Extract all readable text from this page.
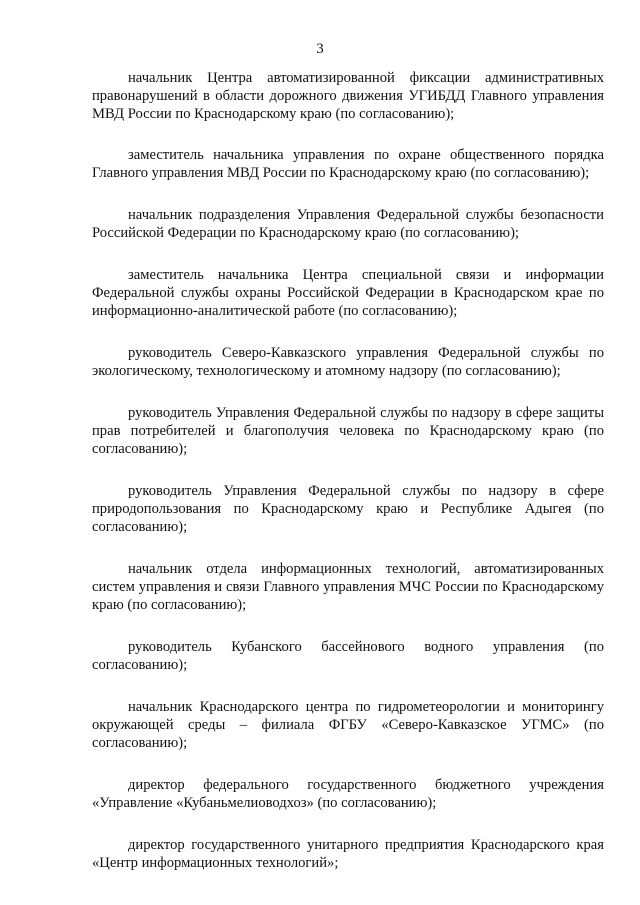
3

начальник Центра автоматизированной фиксации административных правонарушений в области дорожного движения УГИБДД Главного управления МВД России по Краснодарскому краю (по согласованию);

заместитель начальника управления по охране общественного порядка Главного управления МВД России по Краснодарскому краю (по согласованию);

начальник подразделения Управления Федеральной службы безопасности Российской Федерации по Краснодарскому краю (по согласованию);

заместитель начальника Центра специальной связи и информации Федеральной службы охраны Российской Федерации в Краснодарском крае по информационно-аналитической работе (по согласованию);

руководитель Северо-Кавказского управления Федеральной службы по экологическому, технологическому и атомному надзору (по согласованию);

руководитель Управления Федеральной службы по надзору в сфере защиты прав потребителей и благополучия человека по Краснодарскому краю (по согласованию);

руководитель Управления Федеральной службы по надзору в сфере природопользования по Краснодарскому краю и Республике Адыгея (по согласованию);

начальник отдела информационных технологий, автоматизированных систем управления и связи Главного управления МЧС России по Краснодарскому краю (по согласованию);

руководитель Кубанского бассейнового водного управления (по согласованию);

начальник Краснодарского центра по гидрометеорологии и мониторингу окружающей среды – филиала ФГБУ «Северо-Кавказское УГМС» (по согласованию);

директор федерального государственного бюджетного учреждения «Управление «Кубаньмелиоводхоз» (по согласованию);

директор государственного унитарного предприятия Краснодарского края «Центр информационных технологий»;
